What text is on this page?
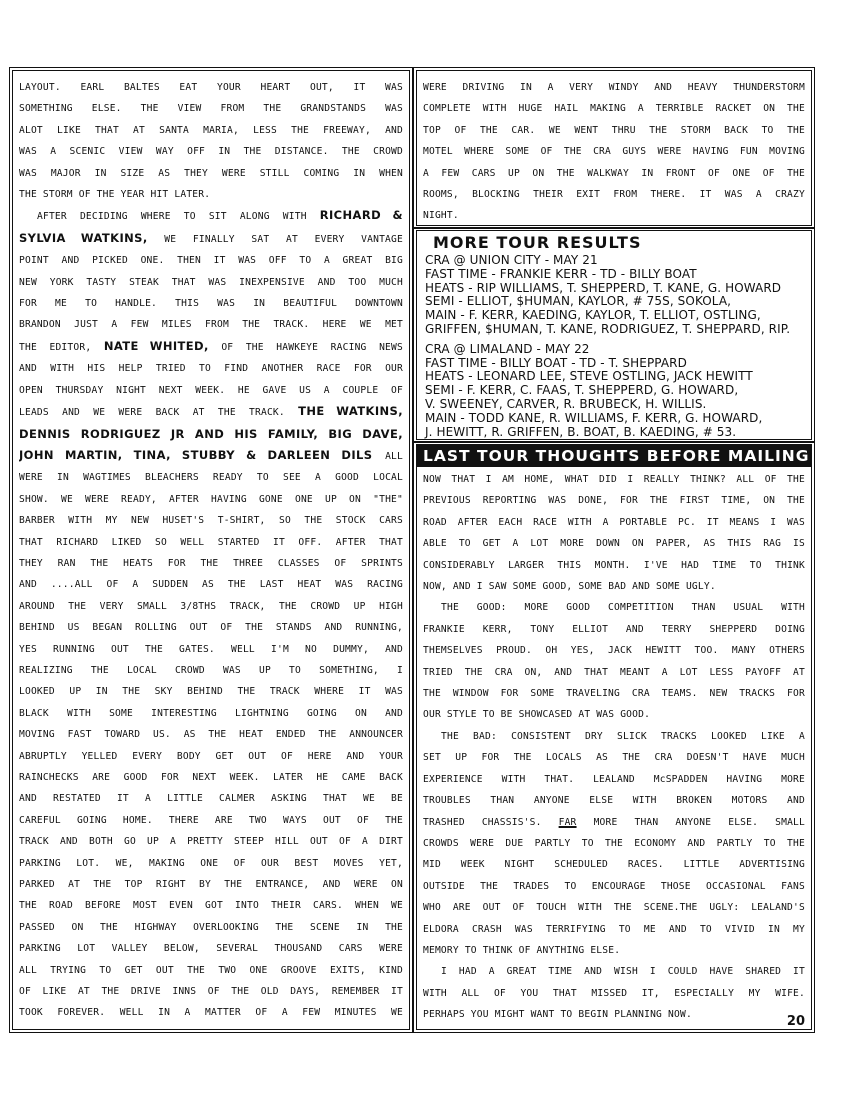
LAYOUT. EARL BALTES EAT YOUR HEART OUT, IT WAS
SOMETHING ELSE. THE VIEW FROM THE GRANDSTANDS WAS
ALOT LIKE THAT AT SANTA MARIA, LESS THE FREEWAY, AND
WAS A SCENIC VIEW WAY OFF IN THE DISTANCE. THE CROWD
WAS MAJOR IN SIZE AS THEY WERE STILL COMING IN WHEN
THE STORM OF THE YEAR HIT LATER.
AFTER DECIDING WHERE TO SIT ALONG WITH RICHARD &
SYLVIA WATKINS, WE FINALLY SAT AT EVERY VANTAGE
POINT AND PICKED ONE. THEN IT WAS OFF TO A GREAT BIG
NEW YORK TASTY STEAK THAT WAS INEXPENSIVE AND TOO MUCH
FOR ME TO HANDLE. THIS WAS IN BEAUTIFUL DOWNTOWN
BRANDON JUST A FEW MILES FROM THE TRACK. HERE WE MET
THE EDITOR, NATE WHITED, OF THE HAWKEYE RACING NEWS
AND WITH HIS HELP TRIED TO FIND ANOTHER RACE FOR OUR
OPEN THURSDAY NIGHT NEXT WEEK. HE GAVE US A COUPLE OF
LEADS AND WE WERE BACK AT THE TRACK. THE WATKINS,
DENNIS RODRIGUEZ JR AND HIS FAMILY, BIG DAVE,
JOHN MARTIN, TINA, STUBBY & DARLEEN DILS ALL
WERE IN WAGTIMES BLEACHERS READY TO SEE A GOOD LOCAL
SHOW. WE WERE READY, AFTER HAVING GONE ONE UP ON "THE"
BARBER WITH MY NEW HUSET'S T-SHIRT, SO THE STOCK CARS
THAT RICHARD LIKED SO WELL STARTED IT OFF. AFTER THAT
THEY RAN THE HEATS FOR THE THREE CLASSES OF SPRINTS
AND ....ALL OF A SUDDEN AS THE LAST HEAT WAS RACING
AROUND THE VERY SMALL 3/8THS TRACK, THE CROWD UP HIGH
BEHIND US BEGAN ROLLING OUT OF THE STANDS AND RUNNING,
YES RUNNING OUT THE GATES. WELL I'M NO DUMMY, AND
REALIZING THE LOCAL CROWD WAS UP TO SOMETHING, I
LOOKED UP IN THE SKY BEHIND THE TRACK WHERE IT WAS
BLACK WITH SOME INTERESTING LIGHTNING GOING ON AND
MOVING FAST TOWARD US. AS THE HEAT ENDED THE ANNOUNCER
ABRUPTLY YELLED EVERY BODY GET OUT OF HERE AND YOUR
RAINCHECKS ARE GOOD FOR NEXT WEEK. LATER HE CAME BACK
AND RESTATED IT A LITTLE CALMER ASKING THAT WE BE
CAREFUL GOING HOME. THERE ARE TWO WAYS OUT OF THE
TRACK AND BOTH GO UP A PRETTY STEEP HILL OUT OF A DIRT
PARKING LOT. WE, MAKING ONE OF OUR BEST MOVES YET,
PARKED AT THE TOP RIGHT BY THE ENTRANCE, AND WERE ON
THE ROAD BEFORE MOST EVEN GOT INTO THEIR CARS. WHEN WE
PASSED ON THE HIGHWAY OVERLOOKING THE SCENE IN THE
PARKING LOT VALLEY BELOW, SEVERAL THOUSAND CARS WERE
ALL TRYING TO GET OUT THE TWO ONE GROOVE EXITS, KIND
OF LIKE AT THE DRIVE INNS OF THE OLD DAYS, REMEMBER IT
TOOK FOREVER. WELL IN A MATTER OF A FEW MINUTES WE
WERE DRIVING IN A VERY WINDY AND HEAVY THUNDERSTORM
COMPLETE WITH HUGE HAIL MAKING A TERRIBLE RACKET ON THE
TOP OF THE CAR. WE WENT THRU THE STORM BACK TO THE
MOTEL WHERE SOME OF THE CRA GUYS WERE HAVING FUN MOVING
A FEW CARS UP ON THE WALKWAY IN FRONT OF ONE OF THE
ROOMS, BLOCKING THEIR EXIT FROM THERE. IT WAS A CRAZY
NIGHT.
MORE TOUR RESULTS
CRA @ UNION CITY - MAY 21
FAST TIME - FRANKIE KERR - TD - BILLY BOAT
HEATS - RIP WILLIAMS, T. SHEPPERD, T. KANE, G. HOWARD
SEMI - ELLIOT, $HUMAN, KAYLOR, # 75S, SOKOLA,
MAIN - F. KERR, KAEDING, KAYLOR, T. ELLIOT, OSTLING,
GRIFFEN, $HUMAN, T. KANE, RODRIGUEZ, T. SHEPPARD, RIP.
CRA @ LIMALAND - MAY 22
FAST TIME - BILLY BOAT - TD - T. SHEPPARD
HEATS - LEONARD LEE, STEVE OSTLING, JACK HEWITT
SEMI - F. KERR, C. FAAS, T. SHEPPERD, G. HOWARD,
V. SWEENEY, CARVER, R. BRUBECK, H. WILLIS.
MAIN - TODD KANE, R. WILLIAMS, F. KERR, G. HOWARD,
J. HEWITT, R. GRIFFEN, B. BOAT, B. KAEDING, # 53.
LAST TOUR THOUGHTS BEFORE MAILING
NOW THAT I AM HOME, WHAT DID I REALLY THINK? ALL OF THE
PREVIOUS REPORTING WAS DONE, FOR THE FIRST TIME, ON THE
ROAD AFTER EACH RACE WITH A PORTABLE PC. IT MEANS I WAS
ABLE TO GET A LOT MORE DOWN ON PAPER, AS THIS RAG IS
CONSIDERABLY LARGER THIS MONTH. I'VE HAD TIME TO THINK
NOW, AND I SAW SOME GOOD, SOME BAD AND SOME UGLY.
THE GOOD: MORE GOOD COMPETITION THAN USUAL WITH
FRANKIE KERR, TONY ELLIOT AND TERRY SHEPPERD DOING
THEMSELVES PROUD. OH YES, JACK HEWITT TOO. MANY OTHERS
TRIED THE CRA ON, AND THAT MEANT A LOT LESS PAYOFF AT
THE WINDOW FOR SOME TRAVELING CRA TEAMS. NEW TRACKS FOR
OUR STYLE TO BE SHOWCASED AT WAS GOOD.
THE BAD: CONSISTENT DRY SLICK TRACKS LOOKED LIKE A
SET UP FOR THE LOCALS AS THE CRA DOESN'T HAVE MUCH
EXPERIENCE WITH THAT. LEALAND McSPADDEN HAVING MORE
TROUBLES THAN ANYONE ELSE WITH BROKEN MOTORS AND
TRASHED CHASSIS'S. FAR MORE THAN ANYONE ELSE. SMALL
CROWDS WERE DUE PARTLY TO THE ECONOMY AND PARTLY TO THE
MID WEEK NIGHT SCHEDULED RACES. LITTLE ADVERTISING
OUTSIDE THE TRADES TO ENCOURAGE THOSE OCCASIONAL FANS
WHO ARE OUT OF TOUCH WITH THE SCENE.THE UGLY: LEALAND'S
ELDORA CRASH WAS TERRIFYING TO ME AND TO VIVID IN MY
MEMORY TO THINK OF ANYTHING ELSE.
I HAD A GREAT TIME AND WISH I COULD HAVE SHARED IT
WITH ALL OF YOU THAT MISSED IT, ESPECIALLY MY WIFE.
PERHAPS YOU MIGHT WANT TO BEGIN PLANNING NOW.	20
